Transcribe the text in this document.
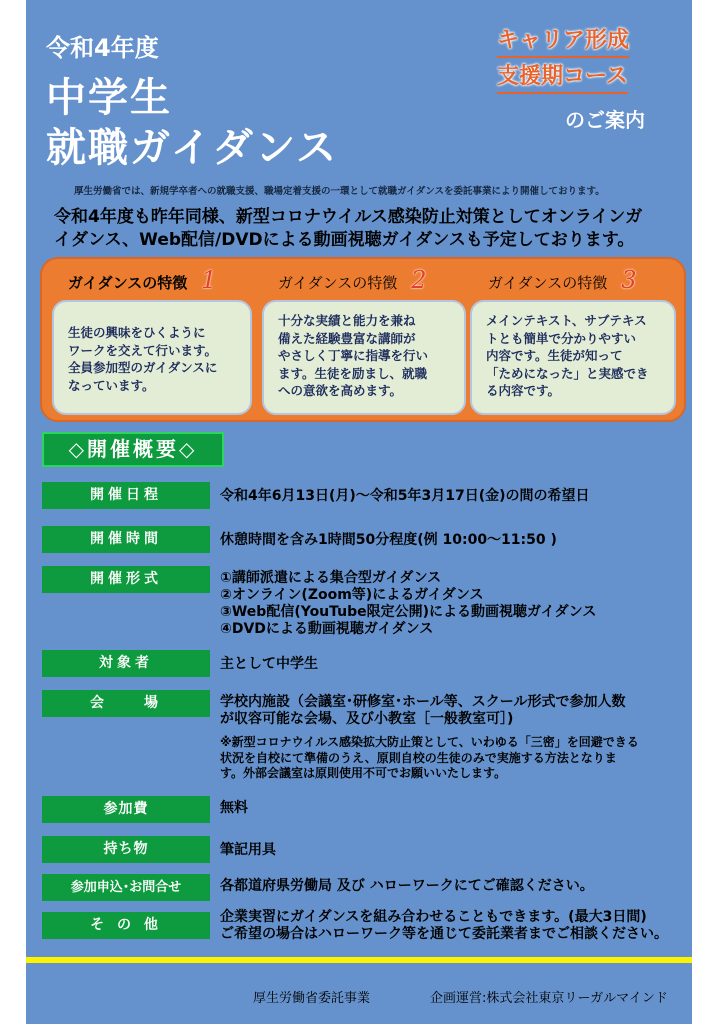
令和4年度
中学生
就職ガイダンス
キャリア形成
支援期コース
のご案内
厚生労働省では、新規学卒者への就職支援、職場定着支援の一環として就職ガイダンスを委託事業により開催しております。
令和4年度も昨年同様、新型コロナウイルス感染防止対策としてオンラインガ
イダンス、Web配信/DVDによる動画視聴ガイダンスも予定しております。
ガイダンスの特徴 1
生徒の興味をひくように
ワークを交えて行います。
全員参加型のガイダンスに
なっています。
ガイダンスの特徴 2
十分な実績と能力を兼ね
備えた経験豊富な講師が
やさしく丁寧に指導を行い
ます。生徒を励まし、就職
への意欲を高めます。
ガイダンスの特徴 3
メインテキスト、サブテキス
トとも簡単で分かりやすい
内容です。生徒が知って
「ためになった」と実感でき
る内容です。
◇開催概要◇
開催日程	令和4年6月13日(月)～令和5年3月17日(金)の間の希望日
開催時間	休憩時間を含み1時間50分程度(例 10:00～11:50 )
開催形式	①講師派遣による集合型ガイダンス
②オンライン(Zoom等)によるガイダンス
③Web配信(YouTube限定公開)による動画視聴ガイダンス
④DVDによる動画視聴ガイダンス
対象者	主として中学生
会　　場	学校内施設（会議室･研修室･ホール等、スクール形式で参加人数
が収容可能な会場、及び小教室［一般教室可］)
※新型コロナウイルス感染拡大防止策として、いわゆる「三密」を回避できる
状況を自校にて準備のうえ、原則自校の生徒のみで実施する方法となりま
す。外部会議室は原則使用不可でお願いいたします。
参加費	無料
持ち物	筆記用具
参加申込･お問合せ	各都道府県労働局 及び ハローワークにてご確認ください。
そ の 他	企業実習にガイダンスを組み合わせることもできます。(最大3日間)
ご希望の場合はハローワーク等を通じて委託業者までご相談ください。
厚生労働省委託事業	企画運営:株式会社東京リーガルマインド
